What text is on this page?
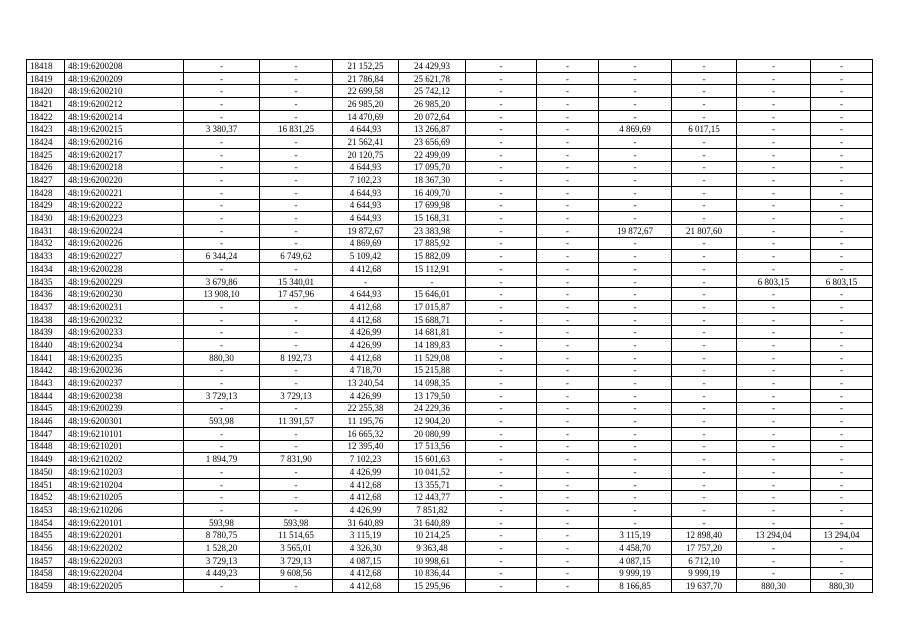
18418	48:19:6200208	-	-	21 152,25	24 429,93	-	-	-	-	-	-
18419	48:19:6200209	-	-	21 786,84	25 621,78	-	-	-	-	-	-
18420	48:19:6200210	-	-	22 699,58	25 742,12	-	-	-	-	-	-
18421	48:19:6200212	-	-	26 985,20	26 985,20	-	-	-	-	-	-
18422	48:19:6200214	-	-	14 470,69	20 072,64	-	-	-	-	-	-
18423	48:19:6200215	3 380,37	16 831,25	4 644,93	13 266,87	-	-	4 869,69	6 017,15	-	-
18424	48:19:6200216	-	-	21 562,41	23 656,69	-	-	-	-	-	-
18425	48:19:6200217	-	-	20 120,75	22 499,09	-	-	-	-	-	-
18426	48:19:6200218	-	-	4 644,93	17 095,70	-	-	-	-	-	-
18427	48:19:6200220	-	-	7 102,23	18 367,30	-	-	-	-	-	-
18428	48:19:6200221	-	-	4 644,93	16 409,70	-	-	-	-	-	-
18429	48:19:6200222	-	-	4 644,93	17 699,98	-	-	-	-	-	-
18430	48:19:6200223	-	-	4 644,93	15 168,31	-	-	-	-	-	-
18431	48:19:6200224	-	-	19 872,67	23 383,98	-	-	19 872,67	21 807,60	-	-
18432	48:19:6200226	-	-	4 869,69	17 885,92	-	-	-	-	-	-
18433	48:19:6200227	6 344,24	6 749,62	5 109,42	15 882,09	-	-	-	-	-	-
18434	48:19:6200228	-	-	4 412,68	15 112,91	-	-	-	-	-	-
18435	48:19:6200229	3 679,86	15 340,01	-	-	-	-	-	-	6 803,15	6 803,15
18436	48:19:6200230	13 908,10	17 457,96	4 644,93	15 646,01	-	-	-	-	-	-
18437	48:19:6200231	-	-	4 412,68	17 015,87	-	-	-	-	-	-
18438	48:19:6200232	-	-	4 412,68	15 688,71	-	-	-	-	-	-
18439	48:19:6200233	-	-	4 426,99	14 681,81	-	-	-	-	-	-
18440	48:19:6200234	-	-	4 426,99	14 189,83	-	-	-	-	-	-
18441	48:19:6200235	880,30	8 192,73	4 412,68	11 529,08	-	-	-	-	-	-
18442	48:19:6200236	-	-	4 718,70	15 215,88	-	-	-	-	-	-
18443	48:19:6200237	-	-	13 240,54	14 098,35	-	-	-	-	-	-
18444	48:19:6200238	3 729,13	3 729,13	4 426,99	13 179,50	-	-	-	-	-	-
18445	48:19:6200239	-	-	22 255,38	24 229,36	-	-	-	-	-	-
18446	48:19:6200301	593,98	11 391,57	11 195,76	12 904,20	-	-	-	-	-	-
18447	48:19:6210101	-	-	16 665,32	20 080,99	-	-	-	-	-	-
18448	48:19:6210201	-	-	12 395,40	17 513,56	-	-	-	-	-	-
18449	48:19:6210202	1 894,79	7 831,90	7 102,23	15 601,63	-	-	-	-	-	-
18450	48:19:6210203	-	-	4 426,99	10 041,52	-	-	-	-	-	-
18451	48:19:6210204	-	-	4 412,68	13 355,71	-	-	-	-	-	-
18452	48:19:6210205	-	-	4 412,68	12 443,77	-	-	-	-	-	-
18453	48:19:6210206	-	-	4 426,99	7 851,82	-	-	-	-	-	-
18454	48:19:6220101	593,98	593,98	31 640,89	31 640,89	-	-	-	-	-	-
18455	48:19:6220201	8 780,75	11 514,65	3 115,19	10 214,25	-	-	3 115,19	12 898,40	13 294,04	13 294,04
18456	48:19:6220202	1 528,20	3 565,01	4 326,30	9 363,48	-	-	4 458,70	17 757,20	-	-
18457	48:19:6220203	3 729,13	3 729,13	4 087,15	10 998,61	-	-	4 087,15	6 712,10	-	-
18458	48:19:6220204	4 449,23	9 608,56	4 412,68	10 836,44	-	-	9 999,19	9 999,19	-	-
18459	48:19:6220205	-	-	4 412,68	15 295,96	-	-	8 166,85	19 637,70	880,30	880,30
